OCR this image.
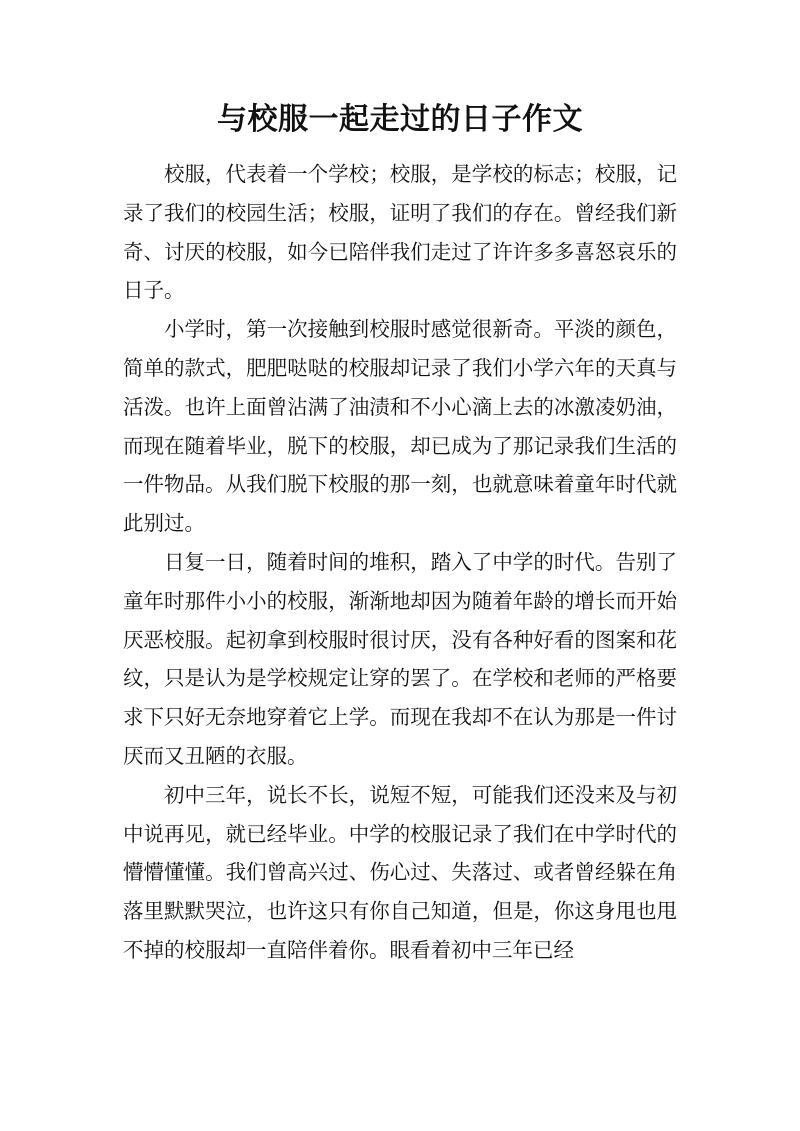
与校服一起走过的日子作文

校服，代表着一个学校；校服，是学校的标志；校服，记录了我们的校园生活；校服，证明了我们的存在。曾经我们新奇、讨厌的校服，如今已陪伴我们走过了许许多多喜怒哀乐的日子。

小学时，第一次接触到校服时感觉很新奇。平淡的颜色，简单的款式，肥肥哒哒的校服却记录了我们小学六年的天真与活泼。也许上面曾沾满了油渍和不小心滴上去的冰激凌奶油，而现在随着毕业，脱下的校服，却已成为了那记录我们生活的一件物品。从我们脱下校服的那一刻，也就意味着童年时代就此别过。

日复一日，随着时间的堆积，踏入了中学的时代。告别了童年时那件小小的校服，渐渐地却因为随着年龄的增长而开始厌恶校服。起初拿到校服时很讨厌，没有各种好看的图案和花纹，只是认为是学校规定让穿的罢了。在学校和老师的严格要求下只好无奈地穿着它上学。而现在我却不在认为那是一件讨厌而又丑陋的衣服。

初中三年，说长不长，说短不短，可能我们还没来及与初中说再见，就已经毕业。中学的校服记录了我们在中学时代的懵懵懂懂。我们曾高兴过、伤心过、失落过、或者曾经躲在角落里默默哭泣，也许这只有你自己知道，但是，你这身甩也甩不掉的校服却一直陪伴着你。眼看着初中三年已经
